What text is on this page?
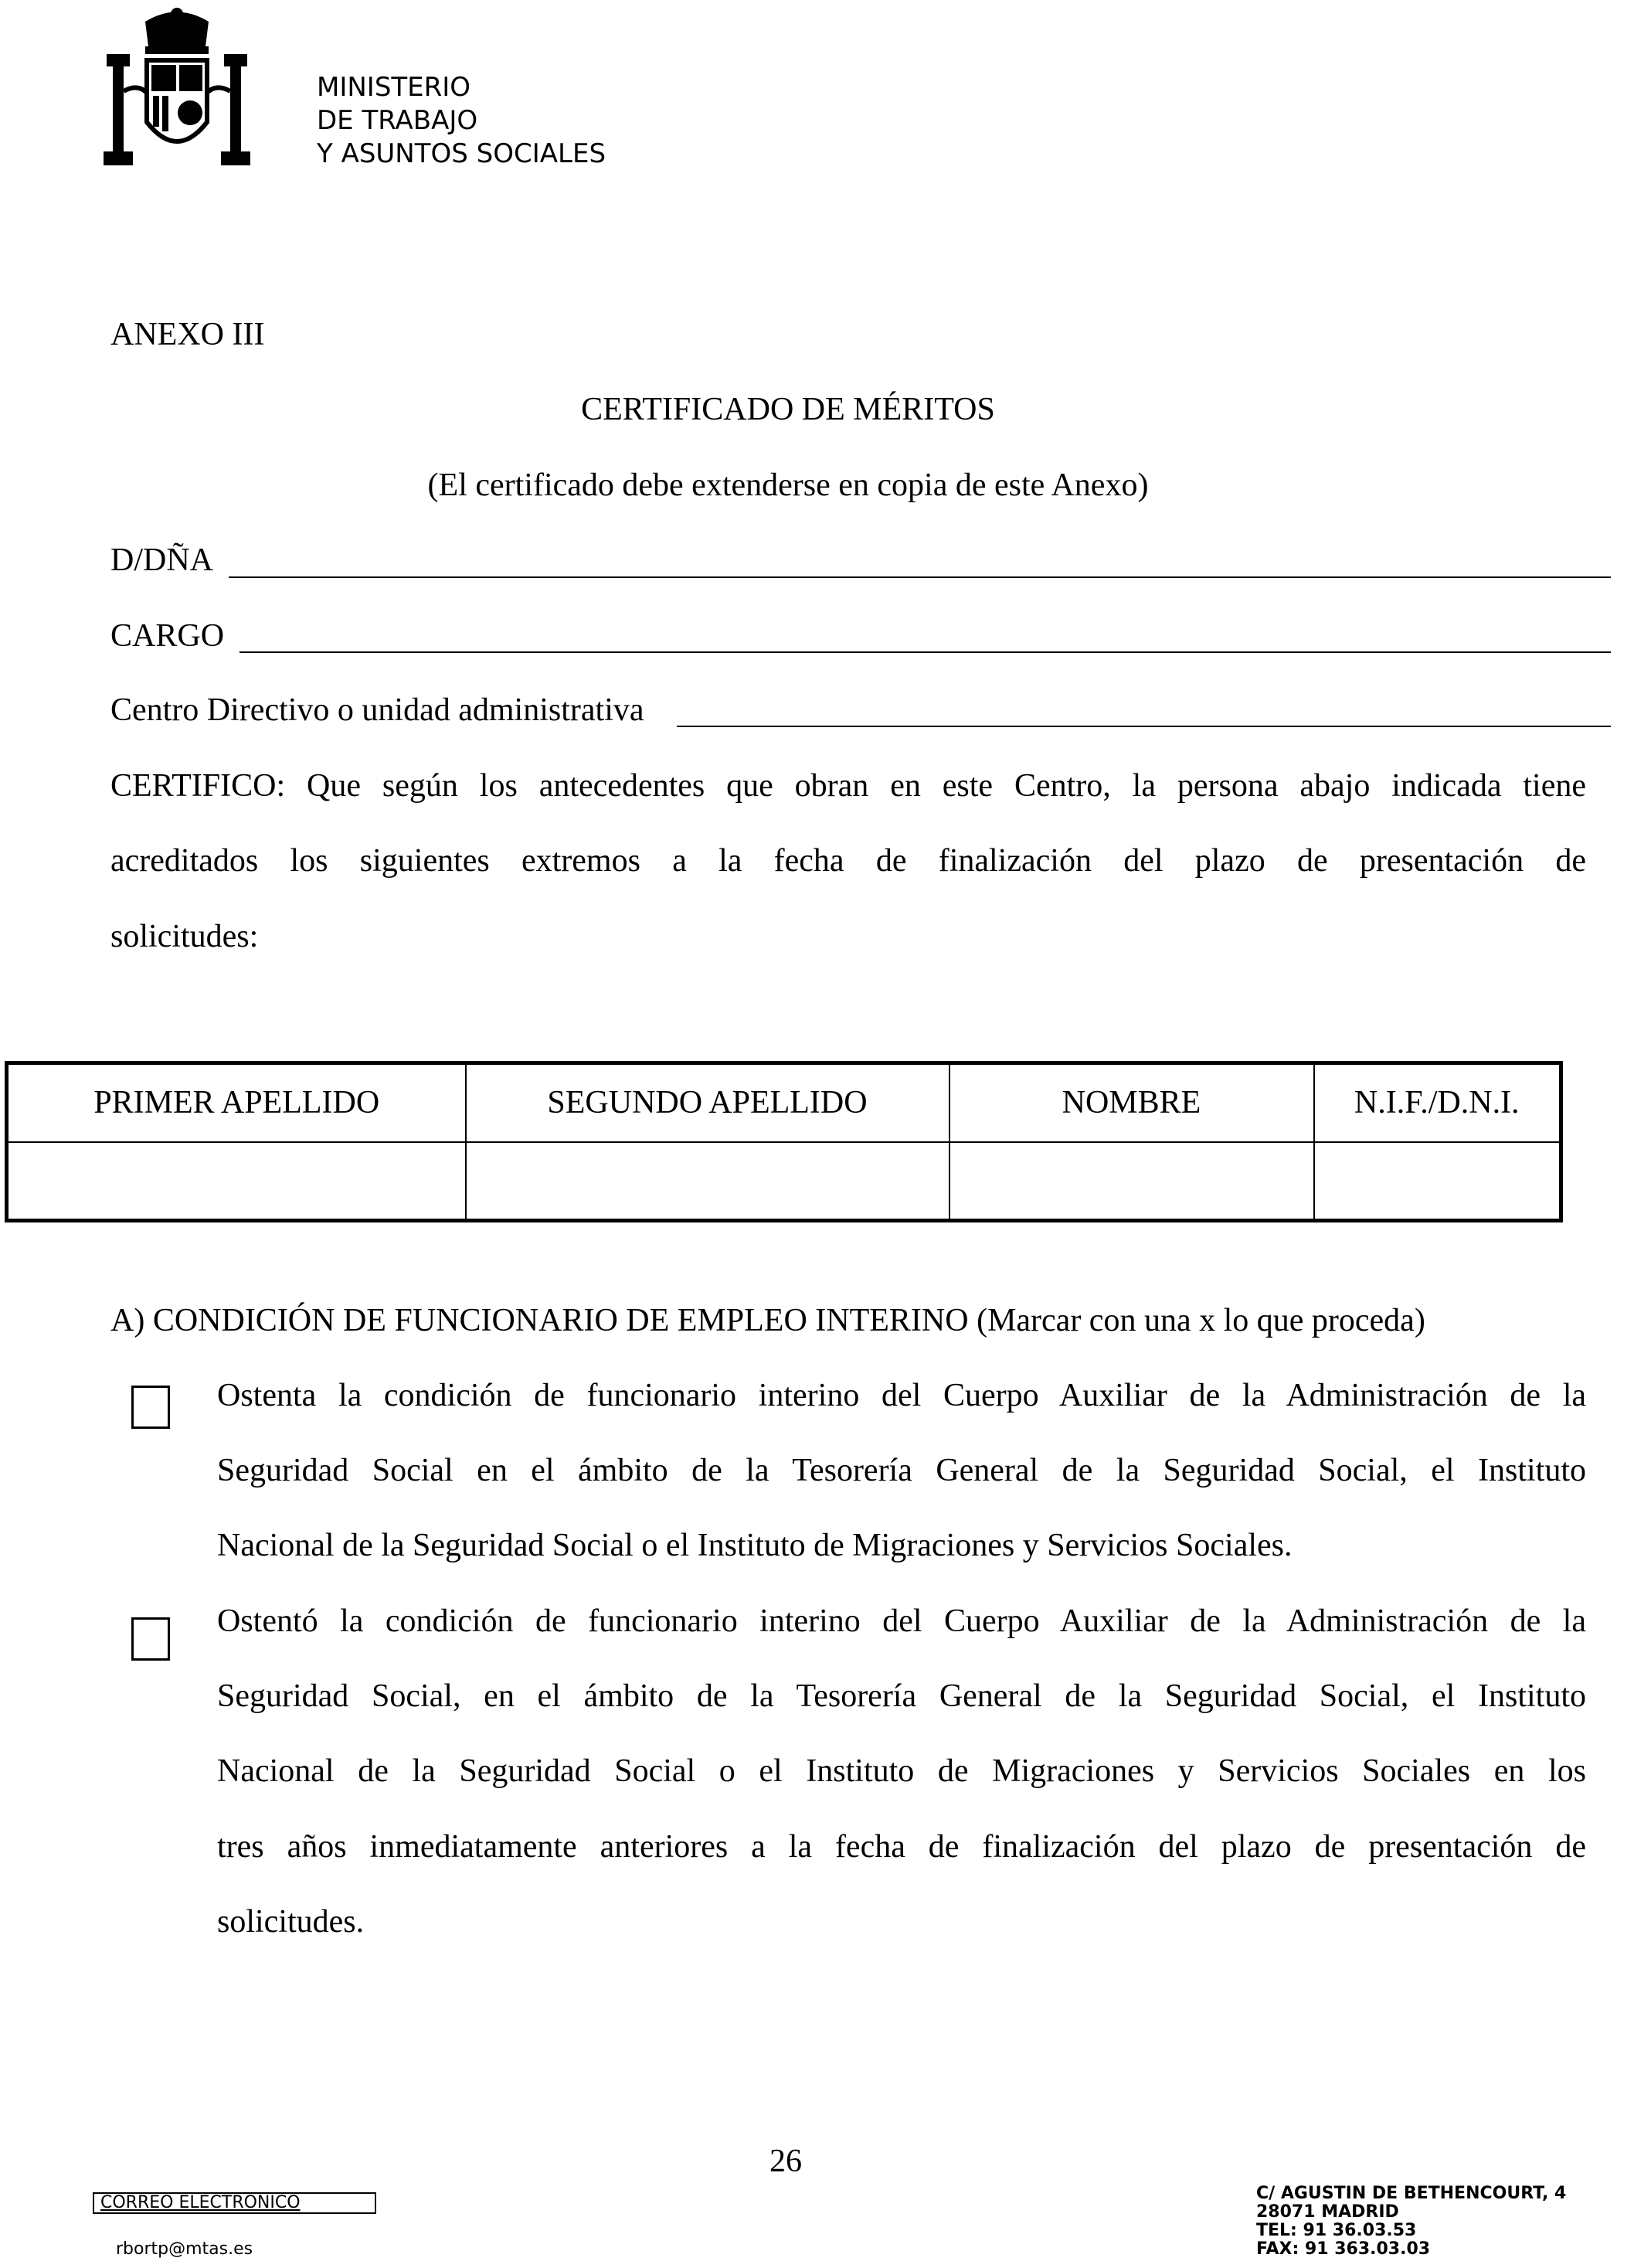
MINISTERIO
DE TRABAJO
Y ASUNTOS SOCIALES
ANEXO III
CERTIFICADO DE MÉRITOS
(El certificado debe extenderse en copia de este Anexo)
D/DÑA
CARGO
Centro Directivo o unidad administrativa
CERTIFICO: Que según los antecedentes que obran en este Centro, la persona abajo indicada tiene
acreditados los siguientes extremos a la fecha de finalización del plazo de presentación de
solicitudes:
PRIMER APELLIDO	SEGUNDO APELLIDO	NOMBRE	N.I.F./D.N.I.

A) CONDICIÓN DE FUNCIONARIO DE EMPLEO INTERINO (Marcar con una x lo que proceda)
Ostenta la condición de funcionario interino del Cuerpo Auxiliar de la Administración de la
Seguridad Social en el ámbito de la Tesorería General de la Seguridad Social, el Instituto
Nacional de la Seguridad Social o el Instituto de Migraciones y Servicios Sociales.
Ostentó la condición de funcionario interino del Cuerpo Auxiliar de la Administración de la
Seguridad Social, en el ámbito de la Tesorería General de la Seguridad Social, el Instituto
Nacional de la Seguridad Social o el Instituto de Migraciones y Servicios Sociales en los
tres años inmediatamente anteriores a la fecha de finalización del plazo de presentación de
solicitudes.
26
CORREO ELECTRONICO
rbortp@mtas.es
C/ AGUSTIN DE BETHENCOURT, 4
28071 MADRID
TEL: 91 36.03.53
FAX: 91 363.03.03
